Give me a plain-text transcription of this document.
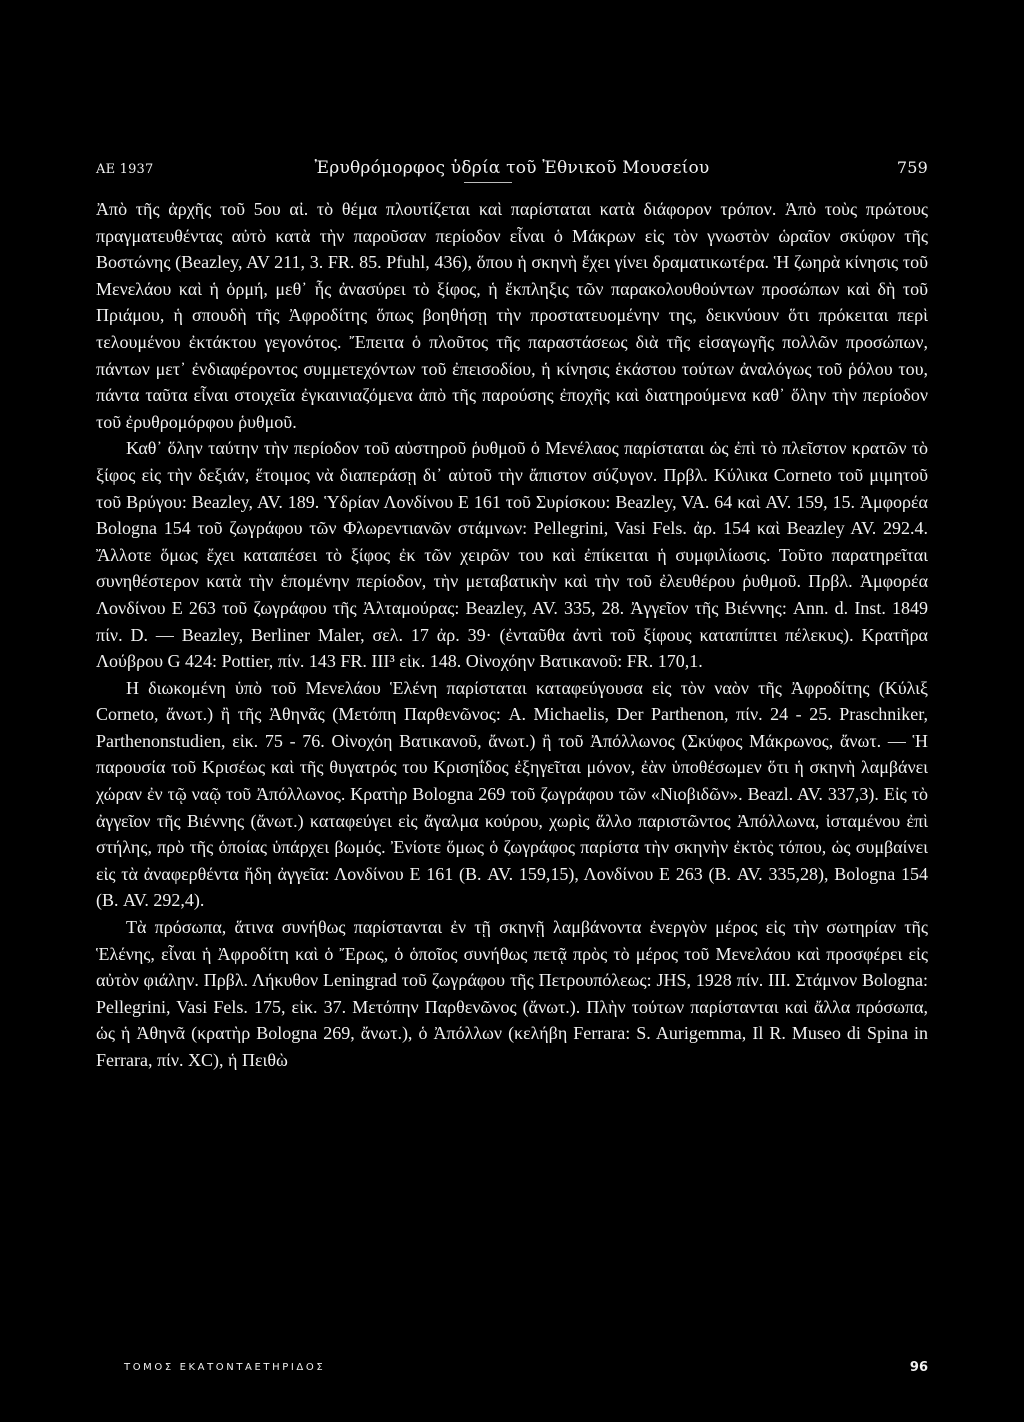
ΑΕ 1937	Ἐρυθρόμορφος ὑδρία τοῦ Ἐθνικοῦ Μουσείου	759

Ἀπὸ τῆς ἀρχῆς τοῦ 5ου αἰ. τὸ θέμα πλουτίζεται καὶ παρίσταται κατὰ διάφορον τρόπον. Ἀπὸ τοὺς πρώτους πραγματευθέντας αὐτὸ κατὰ τὴν παροῦσαν περίοδον εἶναι ὁ Μάκρων εἰς τὸν γνωστὸν ὡραῖον σκύφον τῆς Βοστώνης (Beazley, AV 211, 3. FR. 85. Pfuhl, 436), ὅπου ἡ σκηνὴ ἔχει γίνει δραματικωτέρα. Ἡ ζωηρὰ κίνησις τοῦ Μενελάου καὶ ἡ ὁρμή, μεθ᾽ ἧς ἀνασύρει τὸ ξίφος, ἡ ἔκπληξις τῶν παρακολουθούντων προσώπων καὶ δὴ τοῦ Πριάμου, ἡ σπουδὴ τῆς Ἀφροδίτης ὅπως βοηθήσῃ τὴν προστατευομένην της, δεικνύουν ὅτι πρόκειται περὶ τελουμένου ἐκτάκτου γεγονότος. Ἔπειτα ὁ πλοῦτος τῆς παραστάσεως διὰ τῆς εἰσαγωγῆς πολλῶν προσώπων, πάντων μετ᾽ ἐνδιαφέροντος συμμετεχόντων τοῦ ἐπεισοδίου, ἡ κίνησις ἑκάστου τούτων ἀναλόγως τοῦ ῥόλου του, πάντα ταῦτα εἶναι στοιχεῖα ἐγκαινιαζόμενα ἀπὸ τῆς παρούσης ἐποχῆς καὶ διατηρούμενα καθ᾽ ὅλην τὴν περίοδον τοῦ ἐρυθρομόρφου ῥυθμοῦ.

Καθ᾽ ὅλην ταύτην τὴν περίοδον τοῦ αὐστηροῦ ῥυθμοῦ ὁ Μενέλαος παρίσταται ὡς ἐπὶ τὸ πλεῖστον κρατῶν τὸ ξίφος εἰς τὴν δεξιάν, ἕτοιμος νὰ διαπεράσῃ δι᾽ αὐτοῦ τὴν ἄπιστον σύζυγον. Πρβλ. Κύλικα Corneto τοῦ μιμητοῦ τοῦ Βρύγου: Beazley, AV. 189. Ὑδρίαν Λονδίνου Ε 161 τοῦ Συρίσκου: Beazley, VA. 64 καὶ AV. 159, 15. Ἀμφορέα Bologna 154 τοῦ ζωγράφου τῶν Φλωρεντιανῶν στάμνων: Pellegrini, Vasi Fels. ἀρ. 154 καὶ Beazley AV. 292.4. Ἄλλοτε ὅμως ἔχει καταπέσει τὸ ξίφος ἐκ τῶν χειρῶν του καὶ ἐπίκειται ἡ συμφιλίωσις. Τοῦτο παρατηρεῖται συνηθέστερον κατὰ τὴν ἑπομένην περίοδον, τὴν μεταβατικὴν καὶ τὴν τοῦ ἐλευθέρου ῥυθμοῦ. Πρβλ. Ἀμφορέα Λονδίνου Ε 263 τοῦ ζωγράφου τῆς Ἀλταμούρας: Beazley, AV. 335, 28. Ἀγγεῖον τῆς Βιέννης: Ann. d. Inst. 1849 πίν. D. — Beazley, Berliner Maler, σελ. 17 ἀρ. 39· (ἐνταῦθα ἀντὶ τοῦ ξίφους καταπίπτει πέλεκυς). Κρατῆρα Λούβρου G 424: Pottier, πίν. 143 FR. III³ εἰκ. 148. Οἰνοχόην Βατικανοῦ: FR. 170,1.

Η διωκομένη ὑπὸ τοῦ Μενελάου Ἑλένη παρίσταται καταφεύγουσα εἰς τὸν ναὸν τῆς Ἀφροδίτης (Κύλιξ Corneto, ἄνωτ.) ἢ τῆς Ἀθηνᾶς (Μετόπη Παρθενῶνος: A. Michaelis, Der Parthenon, πίν. 24 - 25. Praschniker, Parthenonstudien, εἰκ. 75 - 76. Οἰνοχόη Βατικανοῦ, ἄνωτ.) ἢ τοῦ Ἀπόλλωνος (Σκύφος Μάκρωνος, ἄνωτ. — Ἡ παρουσία τοῦ Κρισέως καὶ τῆς θυγατρός του Κρισηΐδος ἐξηγεῖται μόνον, ἐὰν ὑποθέσωμεν ὅτι ἡ σκηνὴ λαμβάνει χώραν ἐν τῷ ναῷ τοῦ Ἀπόλλωνος. Κρατὴρ Bologna 269 τοῦ ζωγράφου τῶν «Νιοβιδῶν». Beazl. AV. 337,3). Εἰς τὸ ἀγγεῖον τῆς Βιέννης (ἄνωτ.) καταφεύγει εἰς ἄγαλμα κούρου, χωρὶς ἄλλο παριστῶντος Ἀπόλλωνα, ἱσταμένου ἐπὶ στήλης, πρὸ τῆς ὁποίας ὑπάρχει βωμός. Ἐνίοτε ὅμως ὁ ζωγράφος παρίστα τὴν σκηνὴν ἐκτὸς τόπου, ὡς συμβαίνει εἰς τὰ ἀναφερθέντα ἤδη ἀγγεῖα: Λονδίνου Ε 161 (Β. AV. 159,15), Λονδίνου Ε 263 (Β. AV. 335,28), Bologna 154 (Β. AV. 292,4).

Τὰ πρόσωπα, ἅτινα συνήθως παρίστανται ἐν τῇ σκηνῇ λαμβάνοντα ἐνεργὸν μέρος εἰς τὴν σωτηρίαν τῆς Ἑλένης, εἶναι ἡ Ἀφροδίτη καὶ ὁ Ἔρως, ὁ ὁποῖος συνήθως πετᾷ πρὸς τὸ μέρος τοῦ Μενελάου καὶ προσφέρει εἰς αὐτὸν φιάλην. Πρβλ. Λήκυθον Leningrad τοῦ ζωγράφου τῆς Πετρουπόλεως: JHS, 1928 πίν. III. Στάμνον Bologna: Pellegrini, Vasi Fels. 175, εἰκ. 37. Μετόπην Παρθενῶνος (ἄνωτ.). Πλὴν τούτων παρίστανται καὶ ἄλλα πρόσωπα, ὡς ἡ Ἀθηνᾶ (κρατὴρ Bologna 269, ἄνωτ.), ὁ Ἀπόλλων (κελήβη Ferrara: S. Aurigemma, Il R. Museo di Spina in Ferrara, πίν. XC), ἡ Πειθὼ

ΤΟΜΟΣ ΕΚΑΤΟΝΤΑΕΤΗΡΙΔΟΣ	96
